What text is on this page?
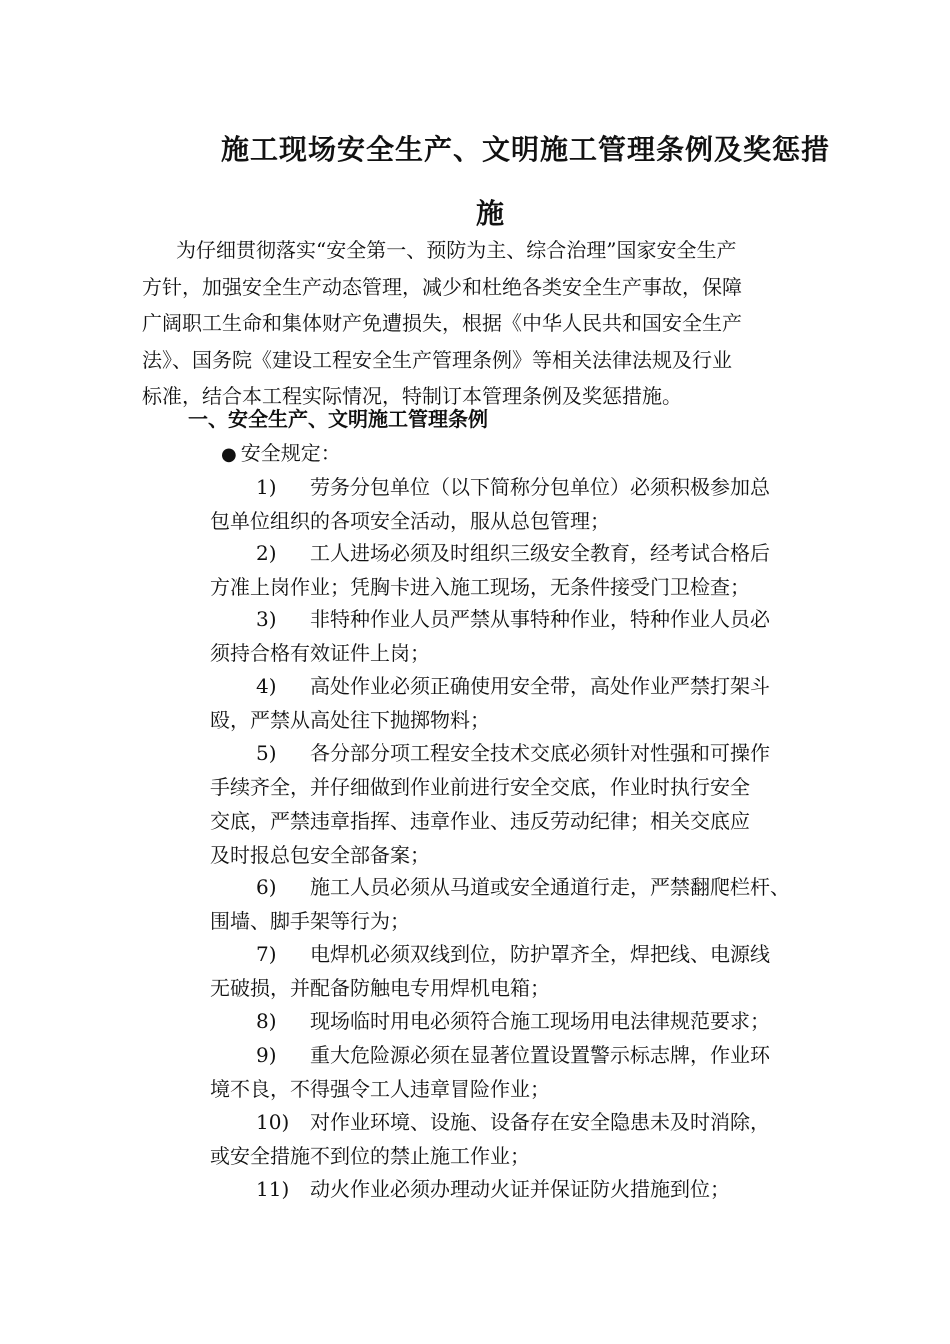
施工现场安全生产、文明施工管理条例及奖惩措
施
为仔细贯彻落实“安全第一、预防为主、综合治理”国家安全生产
方针，加强安全生产动态管理，减少和杜绝各类安全生产事故，保障
广阔职工生命和集体财产免遭损失，根据《中华人民共和国安全生产
法》、国务院《建设工程安全生产管理条例》等相关法律法规及行业
标准，结合本工程实际情况，特制订本管理条例及奖惩措施。
一、安全生产、文明施工管理条例
● 安全规定：
1) 劳务分包单位（以下简称分包单位）必须积极参加总
包单位组织的各项安全活动，服从总包管理；
2) 工人进场必须及时组织三级安全教育，经考试合格后
方准上岗作业；凭胸卡进入施工现场，无条件接受门卫检查；
3) 非特种作业人员严禁从事特种作业，特种作业人员必
须持合格有效证件上岗；
4) 高处作业必须正确使用安全带，高处作业严禁打架斗
殴，严禁从高处往下抛掷物料；
5) 各分部分项工程安全技术交底必须针对性强和可操作
手续齐全，并仔细做到作业前进行安全交底，作业时执行安全
交底，严禁违章指挥、违章作业、违反劳动纪律；相关交底应
及时报总包安全部备案；
6) 施工人员必须从马道或安全通道行走，严禁翻爬栏杆、
围墙、脚手架等行为；
7) 电焊机必须双线到位，防护罩齐全，焊把线、电源线
无破损，并配备防触电专用焊机电箱；
8) 现场临时用电必须符合施工现场用电法律规范要求；
9) 重大危险源必须在显著位置设置警示标志牌，作业环
境不良，不得强令工人违章冒险作业；
10) 对作业环境、设施、设备存在安全隐患未及时消除，
或安全措施不到位的禁止施工作业；
11) 动火作业必须办理动火证并保证防火措施到位；
